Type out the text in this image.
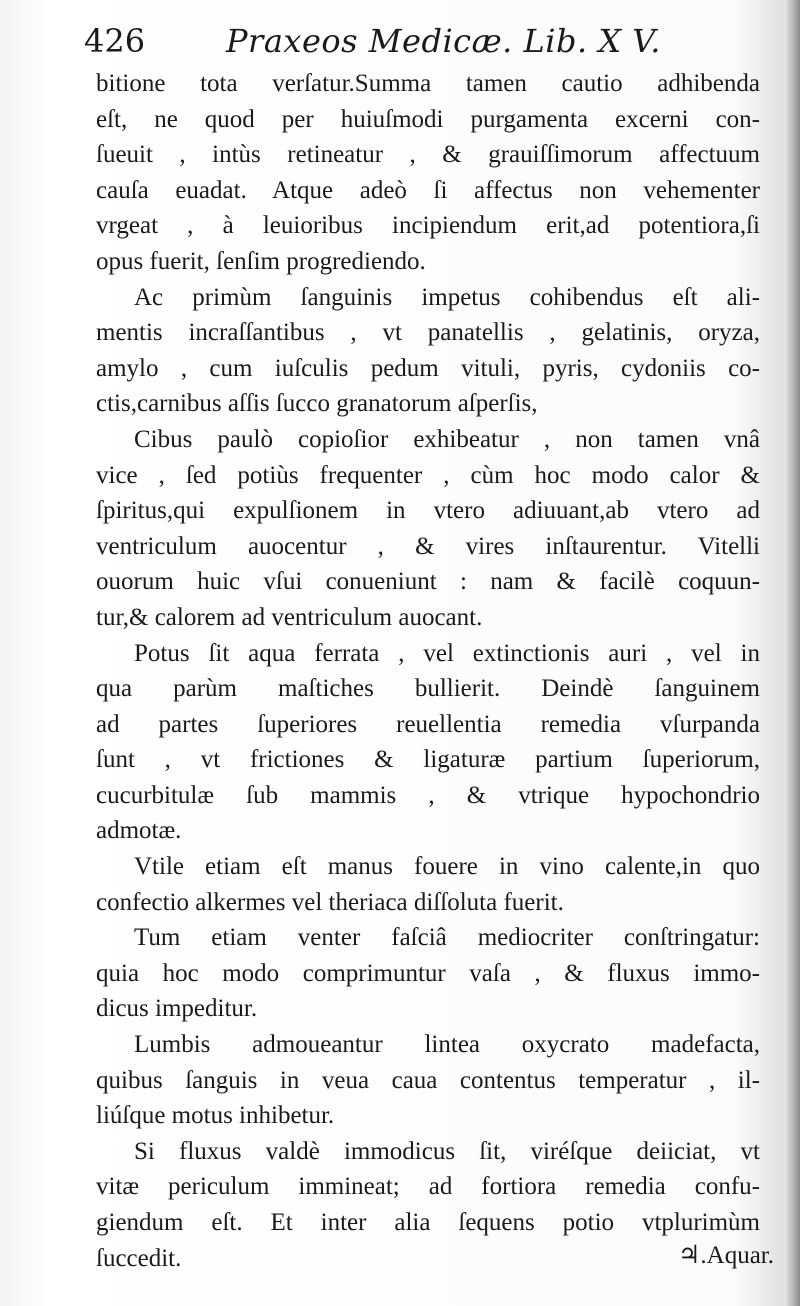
426	Praxeos Medicæ. Lib. X V.
bitione tota verſatur.Summa tamen cautio adhibenda
eſt, ne quod per huiuſmodi purgamenta excerni con-
ſueuit , intùs retineatur , & grauiſſimorum affectuum
cauſa euadat. Atque adeò ſi affectus non vehementer
vrgeat , à leuioribus incipiendum erit,ad potentiora,ſi
opus fuerit, ſenſim progrediendo.
Ac primùm ſanguinis impetus cohibendus eſt ali-
mentis incraſſantibus , vt panatellis , gelatinis, oryza,
amylo , cum iuſculis pedum vituli, pyris, cydoniis co-
ctis,carnibus aſſis ſucco granatorum aſperſis,
Cibus paulò copioſior exhibeatur , non tamen vnâ
vice , ſed potiùs frequenter , cùm hoc modo calor &
ſpiritus,qui expulſionem in vtero adiuuant,ab vtero ad
ventriculum auocentur , & vires inſtaurentur. Vitelli
ouorum huic vſui conueniunt : nam & facilè coquun-
tur,& calorem ad ventriculum auocant.
Potus ſit aqua ferrata , vel extinctionis auri , vel in
qua parùm maſtiches bullierit. Deindè ſanguinem
ad partes ſuperiores reuellentia remedia vſurpanda
ſunt , vt frictiones & ligaturæ partium ſuperiorum,
cucurbitulæ ſub mammis , & vtrique hypochondrio
admotæ.
Vtile etiam eſt manus fouere in vino calente,in quo
confectio alkermes vel theriaca diſſoluta fuerit.
Tum etiam venter faſciâ mediocriter conſtringatur:
quia hoc modo comprimuntur vaſa , & fluxus immo-
dicus impeditur.
Lumbis admoueantur lintea oxycrato madefacta,
quibus ſanguis in veua caua contentus temperatur , il-
liúſque motus inhibetur.
Si fluxus valdè immodicus ſit, viréſque deiiciat, vt
vitæ periculum immineat; ad fortiora remedia confu-
giendum eſt. Et inter alia ſequens potio vtplurimùm
ſuccedit.	♃.Aquar.
